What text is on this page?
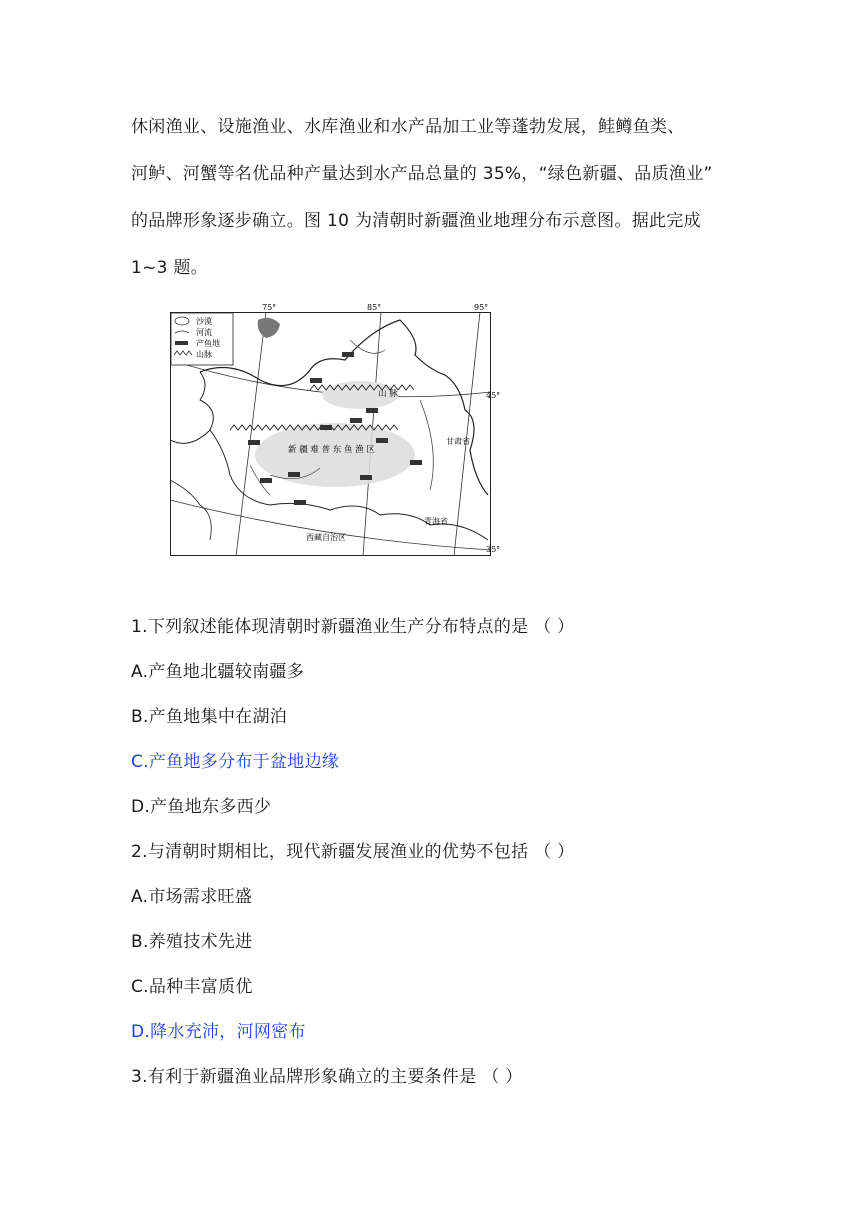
休闲渔业、设施渔业、水库渔业和水产品加工业等蓬勃发展，鲑鳟鱼类、
河鲈、河蟹等名优品种产量达到水产品总量的 35%，“绿色新疆、品质渔业”
的品牌形象逐步确立。图 10 为清朝时新疆渔业地理分布示意图。据此完成
1~3 题。
75°	85°	95°
45°
35°
沙漠
河流
产鱼地
山脉
新 疆 难 普 东 鱼 渔 区
山 脉
甘肃省
青海省
西藏自治区
1.下列叙述能体现清朝时新疆渔业生产分布特点的是 （ ）
A.产鱼地北疆较南疆多
B.产鱼地集中在湖泊
C.产鱼地多分布于盆地边缘
D.产鱼地东多西少
2.与清朝时期相比，现代新疆发展渔业的优势不包括 （ ）
A.市场需求旺盛
B.养殖技术先进
C.品种丰富质优
D.降水充沛，河网密布
3.有利于新疆渔业品牌形象确立的主要条件是 （ ）
